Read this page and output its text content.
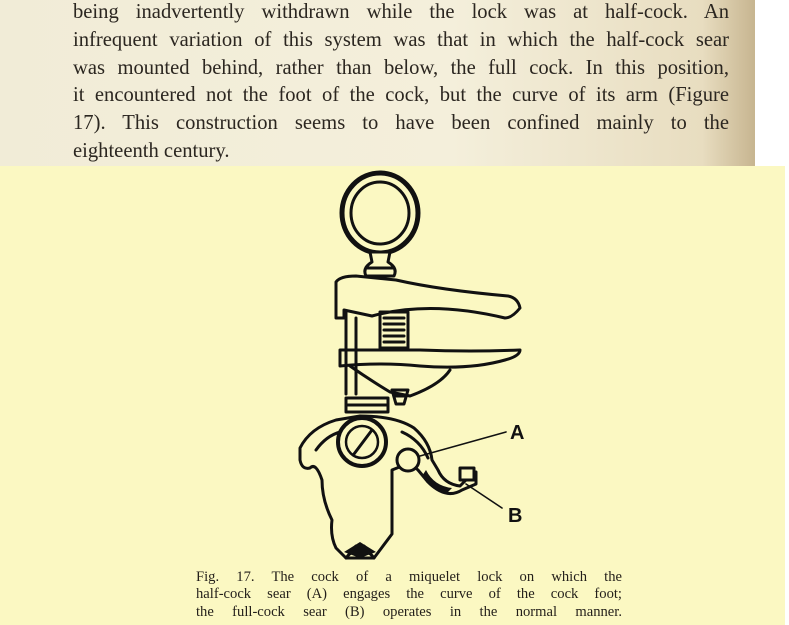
being inadvertently withdrawn while the lock was at half-cock. An
infrequent variation of this system was that in which the half-cock sear
was mounted behind, rather than below, the full cock. In this position,
it encountered not the foot of the cock, but the curve of its arm (Figure
17). This construction seems to have been confined mainly to the
eighteenth century.
A
B
Fig. 17. The cock of a miquelet lock on which the
half-cock sear (A) engages the curve of the cock foot;
the full-cock sear (B) operates in the normal manner.
